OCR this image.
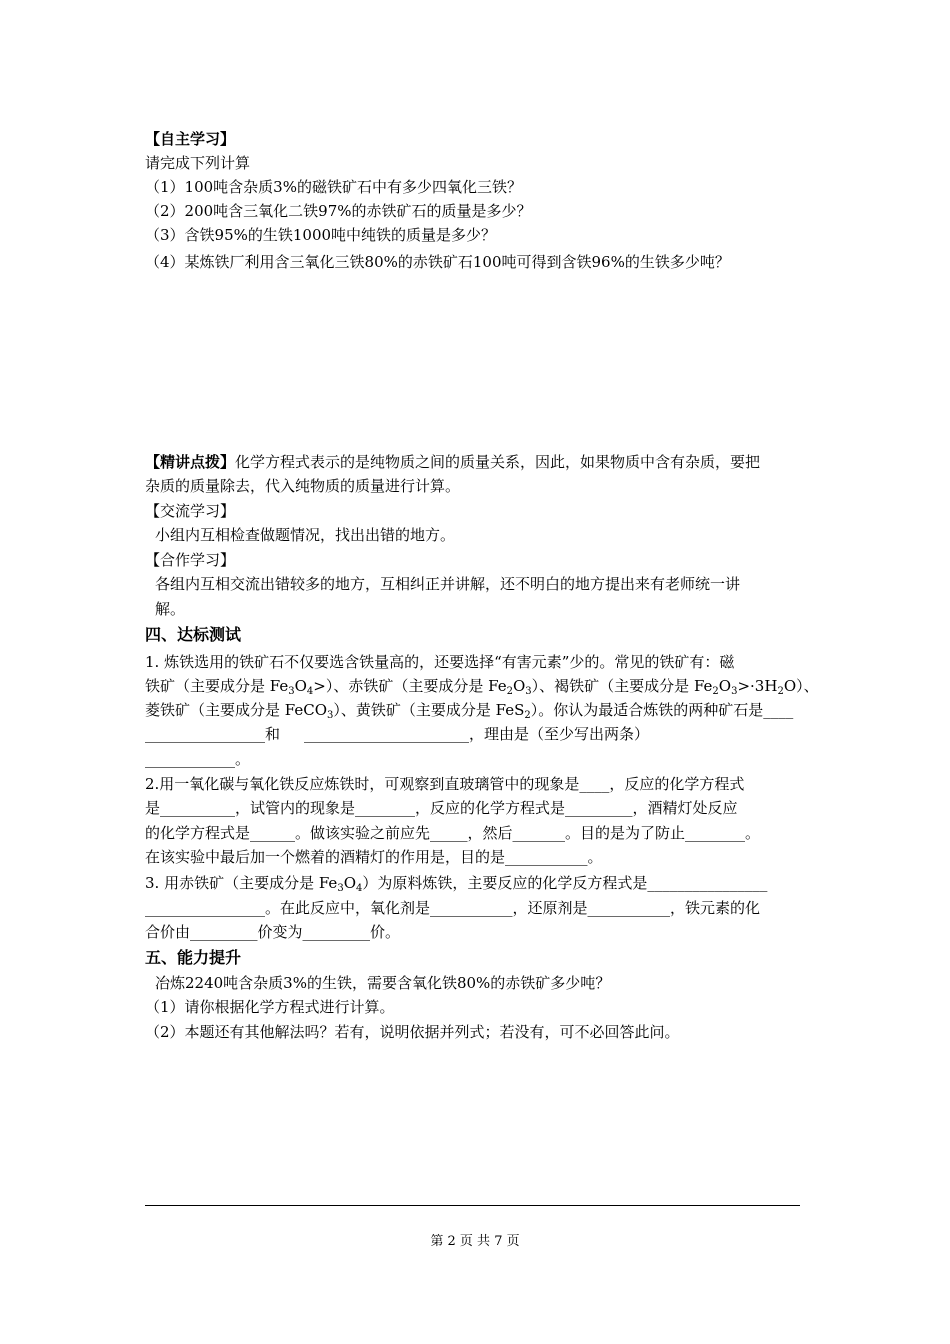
【自主学习】
请完成下列计算
（1）100吨含杂质3%的磁铁矿石中有多少四氧化三铁？
（2）200吨含三氧化二铁97%的赤铁矿石的质量是多少？
（3）含铁95%的生铁1000吨中纯铁的质量是多少？
（4）某炼铁厂利用含三氧化三铁80%的赤铁矿石100吨可得到含铁96%的生铁多少吨？
【精讲点拨】化学方程式表示的是纯物质之间的质量关系，因此，如果物质中含有杂质，要把
杂质的质量除去，代入纯物质的质量进行计算。
【交流学习】
小组内互相检查做题情况，找出出错的地方。
【合作学习】
各组内互相交流出错较多的地方，互相纠正并讲解，还不明白的地方提出来有老师统一讲
解。
四、达标测试
1. 炼铁选用的铁矿石不仅要选含铁量高的，还要选择“有害元素”少的。常见的铁矿有：磁
铁矿（主要成分是 $Fe_3O_4>$）、赤铁矿（主要成分是 $Fe_2O_3$）、褐铁矿（主要成分是 $Fe_2O_3>\cdot 3H_2O$）、
菱铁矿（主要成分是 FeCO$_3$）、黄铁矿（主要成分是 FeS$_2$）。你认为最适合炼铁的两种矿石是____
________________和 ______________________，理由是（至少写出两条）
____________。
2.用一氧化碳与氧化铁反应炼铁时，可观察到直玻璃管中的现象是____，反应的化学方程式
是__________，试管内的现象是________，反应的化学方程式是_________，酒精灯处反应
的化学方程式是______。做该实验之前应先_____，然后_______。目的是为了防止________。
在该实验中最后加一个燃着的酒精灯的作用是，目的是___________。
3. 用赤铁矿（主要成分是 $Fe_3O_4$）为原料炼铁，主要反应的化学反方程式是________________
________________。在此反应中，氧化剂是___________，还原剂是___________，铁元素的化
合价由_________价变为_________价。
五、能力提升
冶炼2240吨含杂质3%的生铁，需要含氧化铁80%的赤铁矿多少吨？
（1）请你根据化学方程式进行计算。
（2）本题还有其他解法吗？若有，说明依据并列式；若没有，可不必回答此问。
第 2 页 共 7 页
